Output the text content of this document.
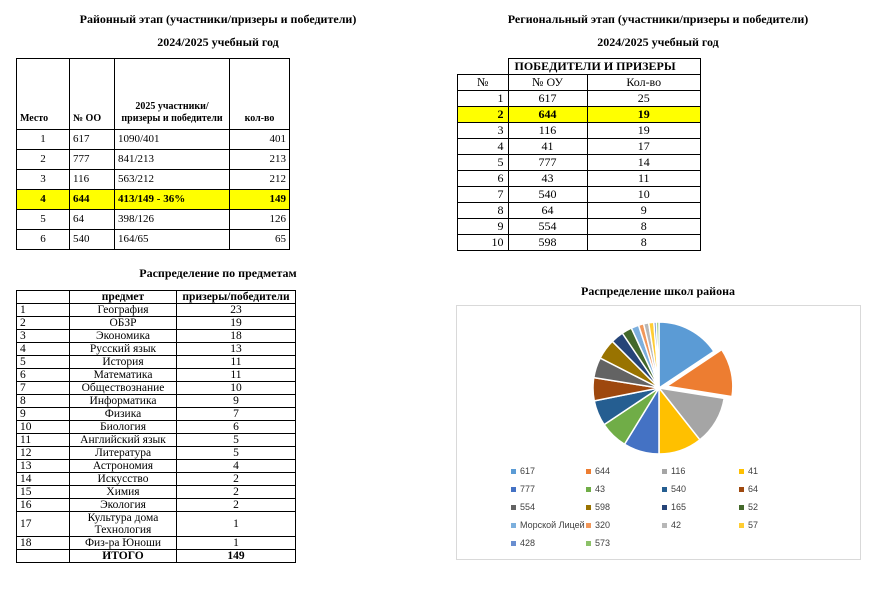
Районный этап (участники/призеры и победители)
2024/2025 учебный год
Место	№ ОО	2025 участники/призеры и победители	кол-во
1	617	1090/401	401
2	777	841/213	213
3	116	563/212	212
4	644	413/149 - 36%	149
5	64	398/126	126
6	540	164/65	65
Распределение по предметам
	предмет	призеры/победители
1	География	23
2	ОБЗР	19
3	Экономика	18
4	Русский язык	13
5	История	11
6	Математика	11
7	Обществознание	10
8	Информатика	9
9	Физика	7
10	Биология	6
11	Английский язык	5
12	Литература	5
13	Астрономия	4
14	Искусство	2
15	Химия	2
16	Экология	2
17	Культура дома Технология	1
18	Физ-ра Юноши	1
	ИТОГО	149
Региональный этап (участники/призеры и победители)
2024/2025 учебный год
	ПОБЕДИТЕЛИ И ПРИЗЕРЫ	
№	№ ОУ	Кол-во
1	617	25
2	644	19
3	116	19
4	41	17
5	777	14
6	43	11
7	540	10
8	64	9
9	554	8
10	598	8
Распределение школ района
617	644	116	41
777	43	540	64
554	598	165	52
Морской Лицей	320	42	57
428	573
